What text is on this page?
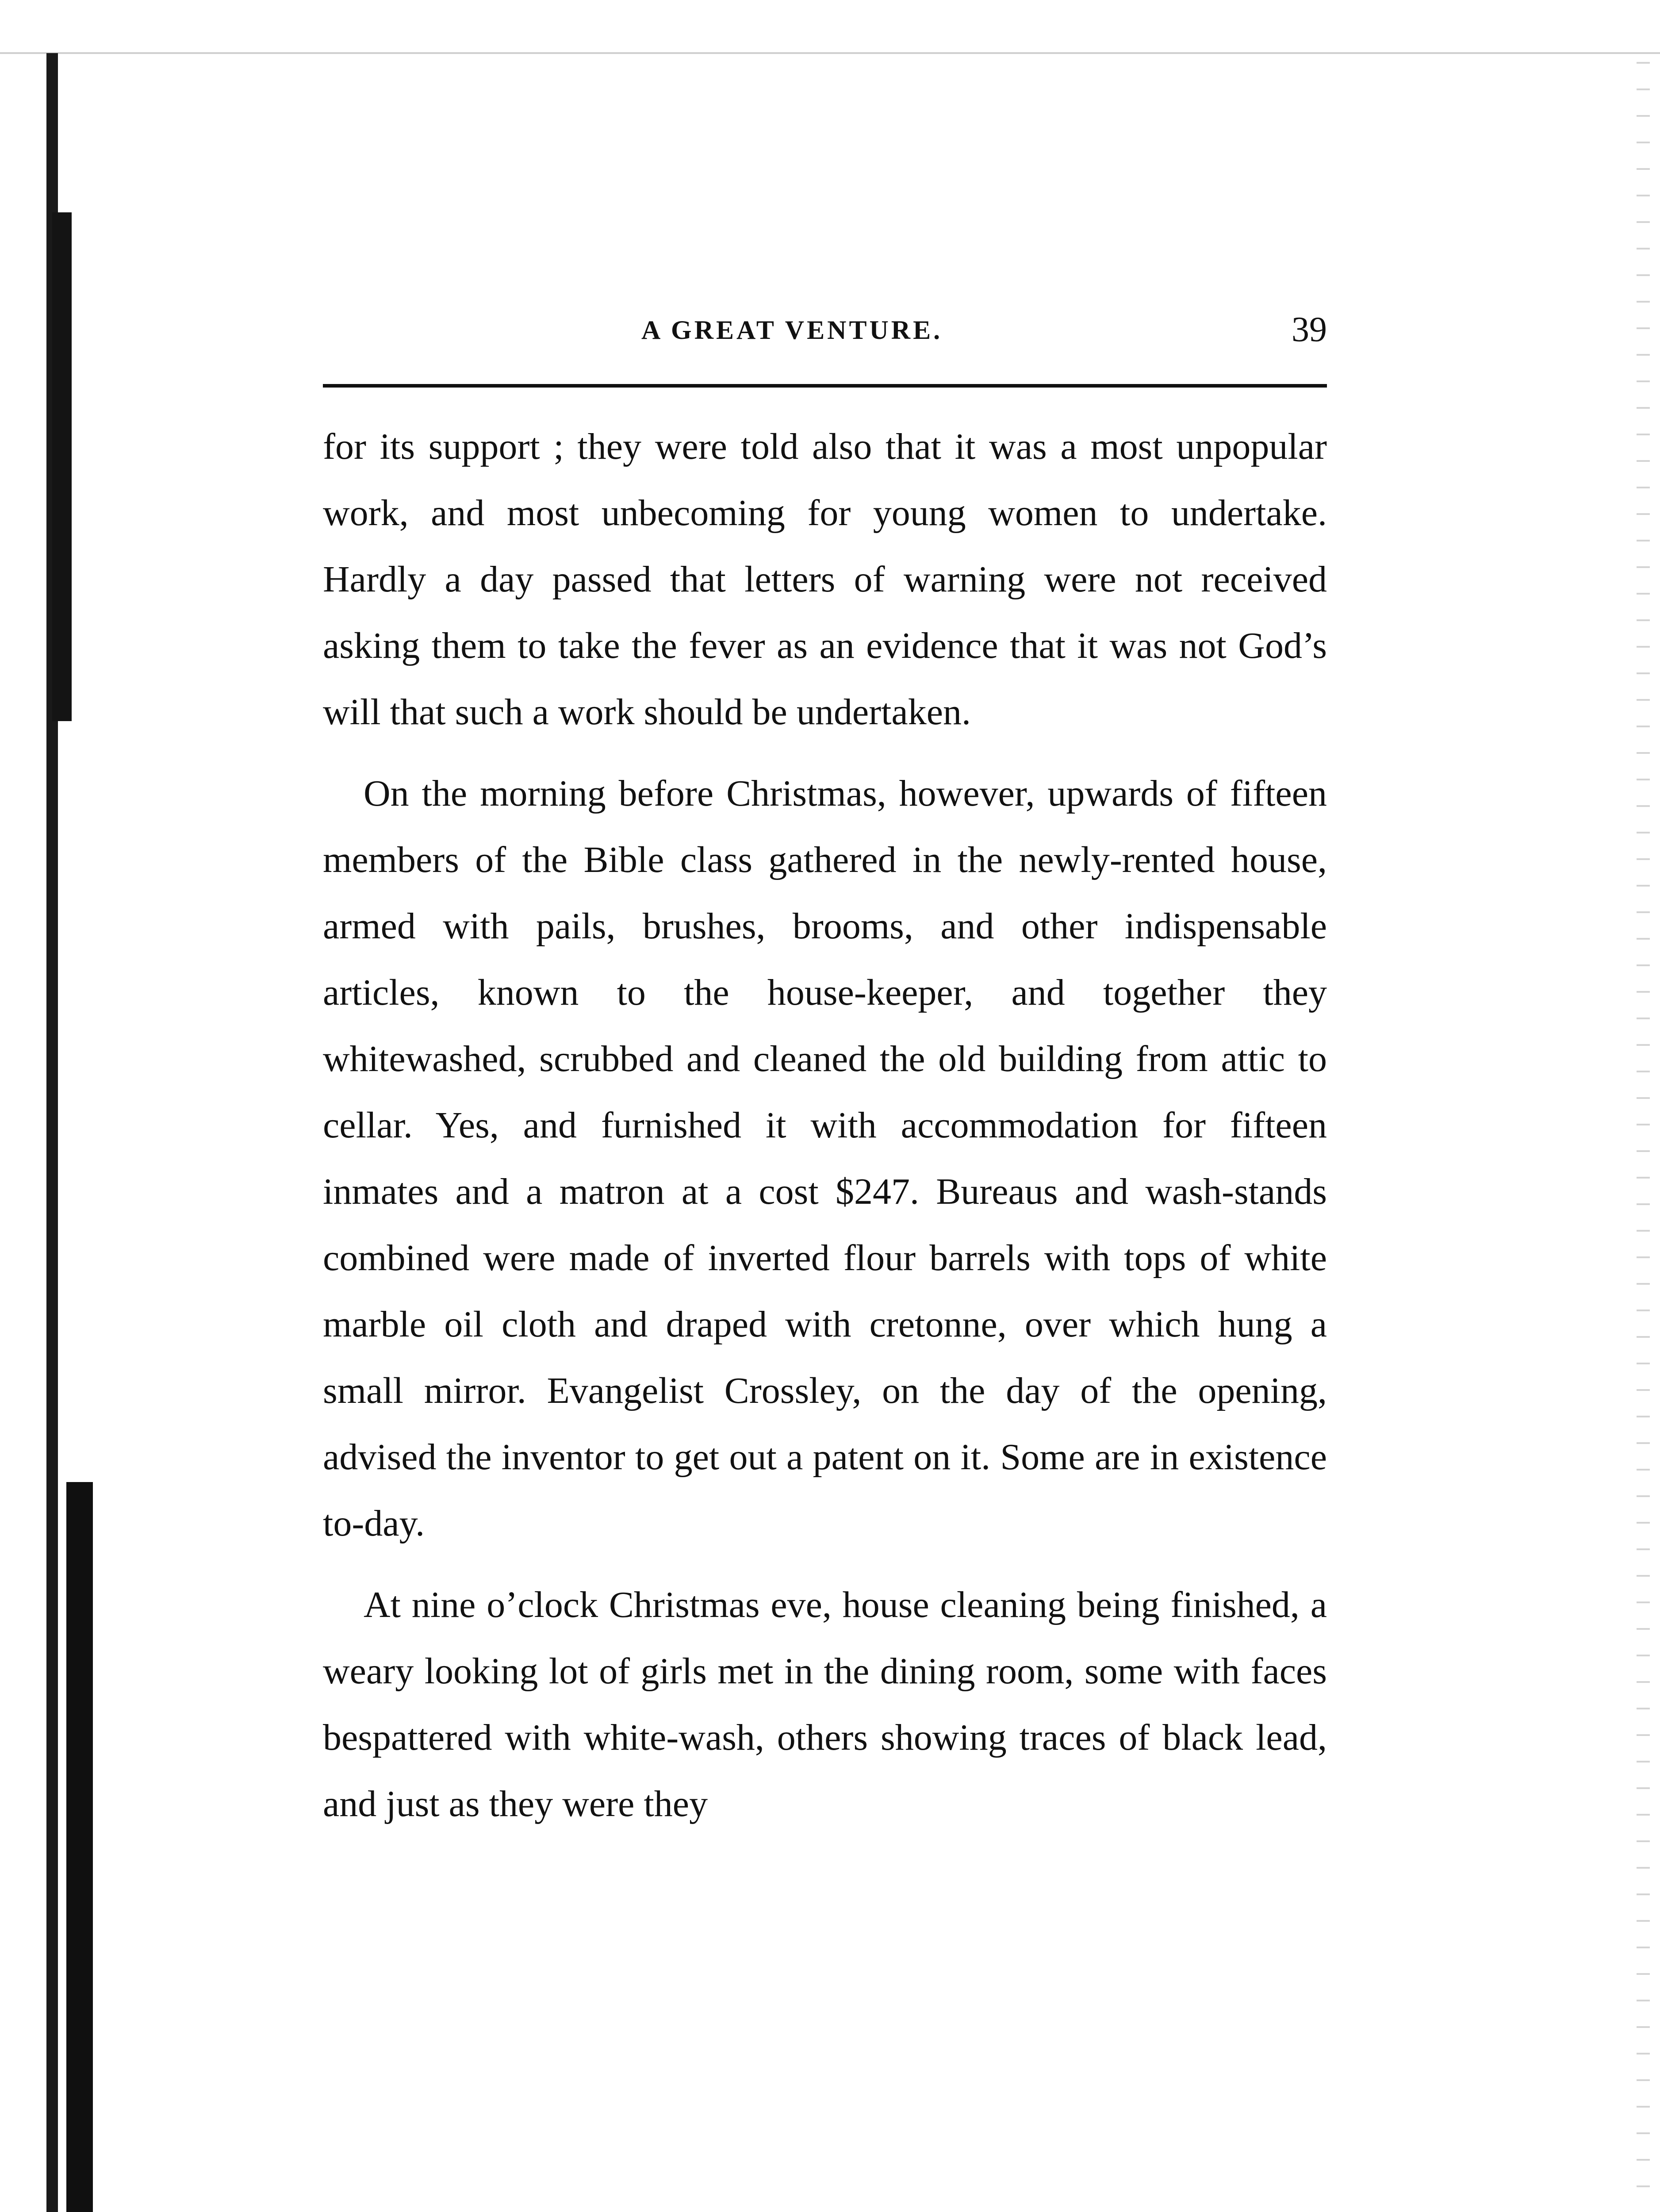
A GREAT VENTURE.	39

for its support ; they were told also that it was a most unpopular work, and most unbecoming for young women to undertake. Hardly a day passed that letters of warning were not received asking them to take the fever as an evidence that it was not God’s will that such a work should be undertaken.

On the morning before Christmas, however, upwards of fifteen members of the Bible class gathered in the newly-rented house, armed with pails, brushes, brooms, and other indispensable articles, known to the house-keeper, and together they whitewashed, scrubbed and cleaned the old building from attic to cellar. Yes, and furnished it with accommodation for fifteen inmates and a matron at a cost $247. Bureaus and wash-stands combined were made of inverted flour barrels with tops of white marble oil cloth and draped with cretonne, over which hung a small mirror. Evangelist Crossley, on the day of the opening, advised the inventor to get out a patent on it. Some are in existence to-day.

At nine o’clock Christmas eve, house cleaning being finished, a weary looking lot of girls met in the dining room, some with faces bespattered with white-wash, others showing traces of black lead, and just as they were they
